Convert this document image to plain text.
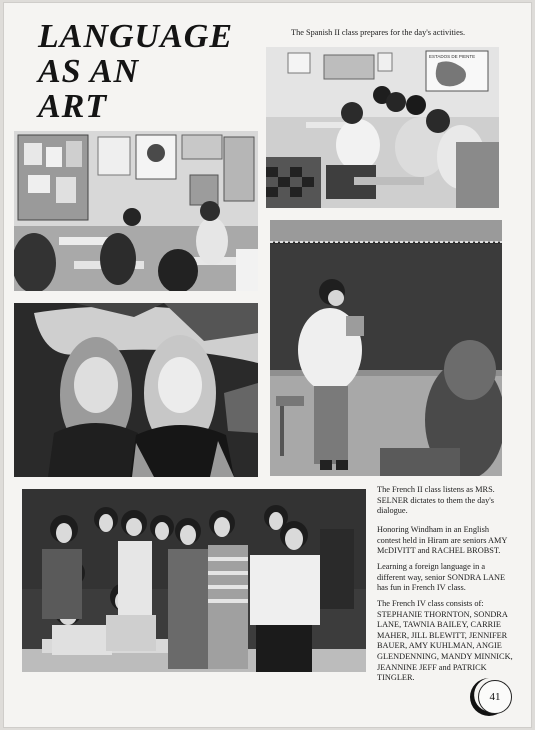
LANGUAGE
AS AN
ART

The Spanish II class prepares for the day's activities.

ESTADOS DE PIENTE

The French II class listens as MRS. SELNER dictates to them the day's dialogue.

Honoring Windham in an English contest held in Hiram are seniors AMY McDIVITT and RACHEL BROBST.

Learning a foreign language in a different way, senior SONDRA LANE has fun in French IV class.

The French IV class consists of: STEPHANIE THORNTON, SONDRA LANE, TAWNIA BAILEY, CARRIE MAHER, JILL BLEWITT, JENNIFER BAUER, AMY KUHLMAN, ANGIE GLENDENNING, MANDY MINNICK, JEANNINE JEFF and PATRICK TINGLER.

41
